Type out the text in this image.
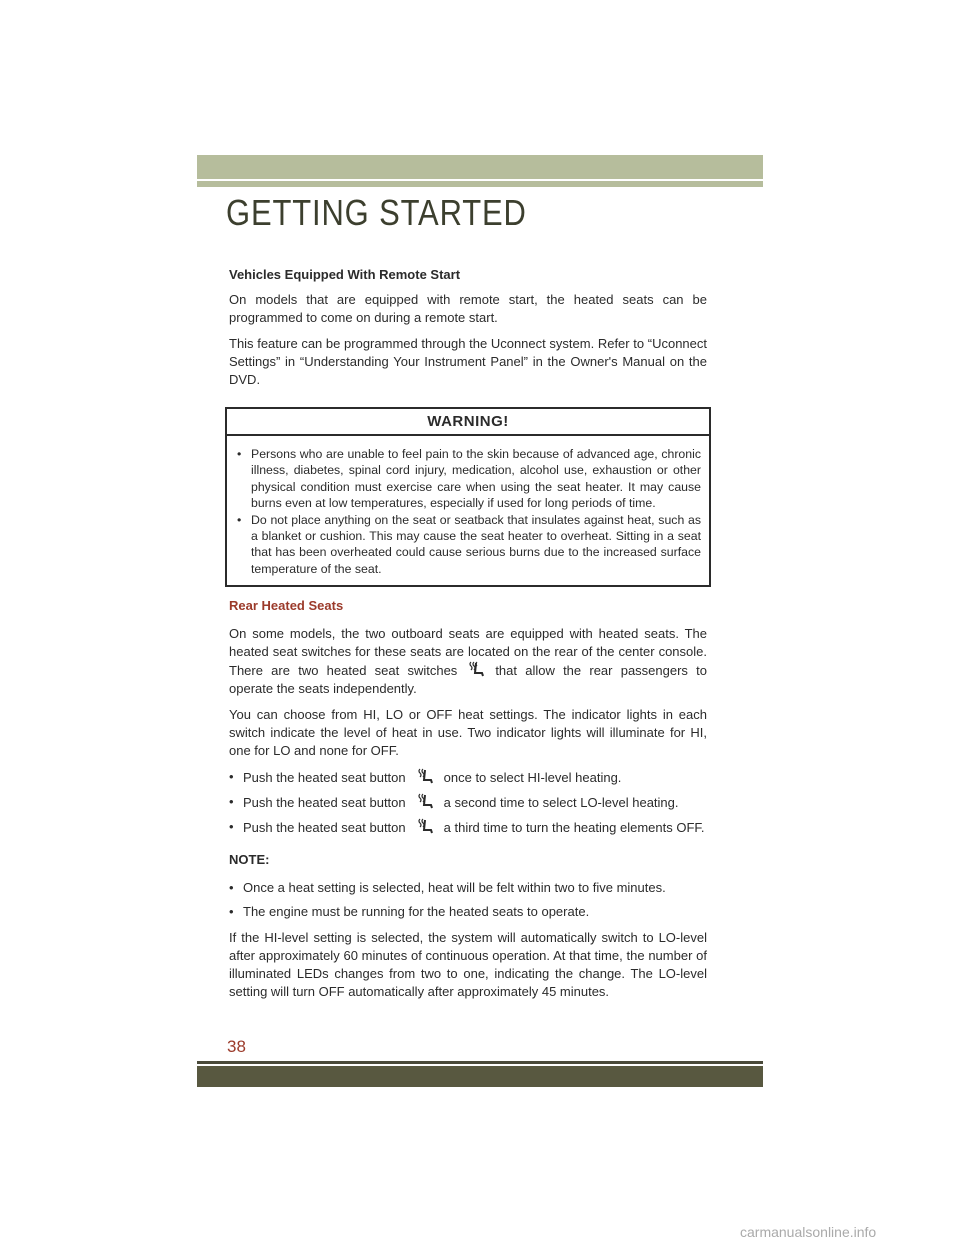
GETTING STARTED

Vehicles Equipped With Remote Start

On models that are equipped with remote start, the heated seats can be programmed to come on during a remote start.

This feature can be programmed through the Uconnect system. Refer to “Uconnect Settings” in “Understanding Your Instrument Panel” in the Owner's Manual on the DVD.

WARNING!
• Persons who are unable to feel pain to the skin because of advanced age, chronic illness, diabetes, spinal cord injury, medication, alcohol use, exhaustion or other physical condition must exercise care when using the seat heater. It may cause burns even at low temperatures, especially if used for long periods of time.
• Do not place anything on the seat or seatback that insulates against heat, such as a blanket or cushion. This may cause the seat heater to overheat. Sitting in a seat that has been overheated could cause serious burns due to the increased surface temperature of the seat.
Rear Heated Seats

On some models, the two outboard seats are equipped with heated seats. The heated seat switches for these seats are located on the rear of the center console. There are two heated seat switches	that allow the rear passengers to operate the seats independently.

You can choose from HI, LO or OFF heat settings. The indicator lights in each switch indicate the level of heat in use. Two indicator lights will illuminate for HI, one for LO and none for OFF.

• Push the heated seat button	once to select HI-level heating.
• Push the heated seat button	a second time to select LO-level heating.
• Push the heated seat button	a third time to turn the heating elements OFF.

NOTE:

• Once a heat setting is selected, heat will be felt within two to five minutes.
• The engine must be running for the heated seats to operate.

If the HI-level setting is selected, the system will automatically switch to LO-level after approximately 60 minutes of continuous operation. At that time, the number of illuminated LEDs changes from two to one, indicating the change. The LO-level setting will turn OFF automatically after approximately 45 minutes.

38
carmanualsonline.info
